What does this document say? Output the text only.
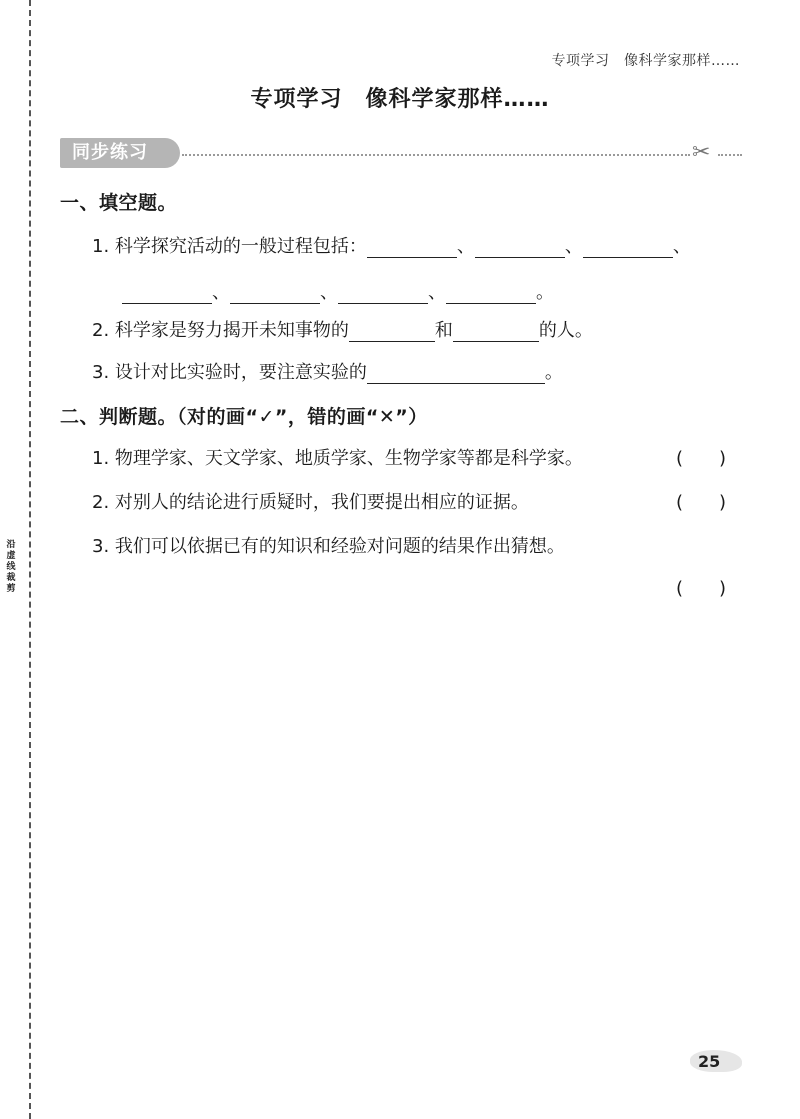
沿虚线裁剪
专项学习　像科学家那样……
专项学习　像科学家那样……
同步练习	✂
一、填空题。
1. 科学探究活动的一般过程包括：	、	、	、
、	、	、	。
2. 科学家是努力揭开未知事物的	和	的人。
3. 设计对比实验时，要注意实验的	。
二、判断题。（对的画“✓”，错的画“✕”）
1. 物理学家、天文学家、地质学家、生物学家等都是科学家。	(　　)
2. 对别人的结论进行质疑时，我们要提出相应的证据。	(　　)
3. 我们可以依据已有的知识和经验对问题的结果作出猜想。
(　　)
25
